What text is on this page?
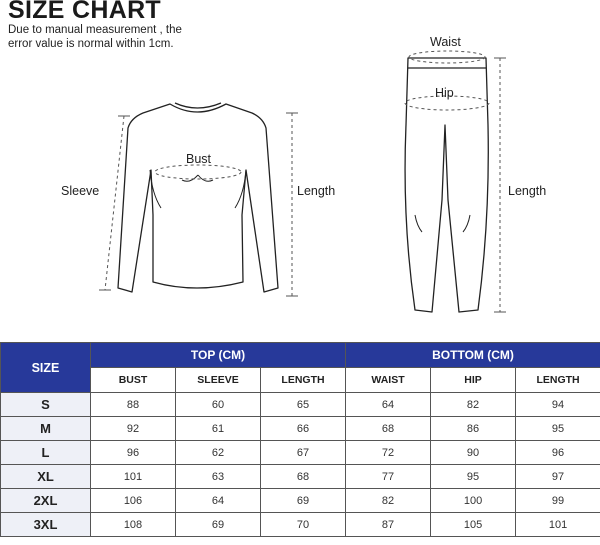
SIZE CHART
Due to manual measurement , the
error value is normal within 1cm.
Sleeve
Bust
Length
Waist
Hip
Length
SIZE	TOP (CM)			BOTTOM (CM)		
	BUST	SLEEVE	LENGTH	WAIST	HIP	LENGTH
S	88	60	65	64	82	94
M	92	61	66	68	86	95
L	96	62	67	72	90	96
XL	101	63	68	77	95	97
2XL	106	64	69	82	100	99
3XL	108	69	70	87	105	101
